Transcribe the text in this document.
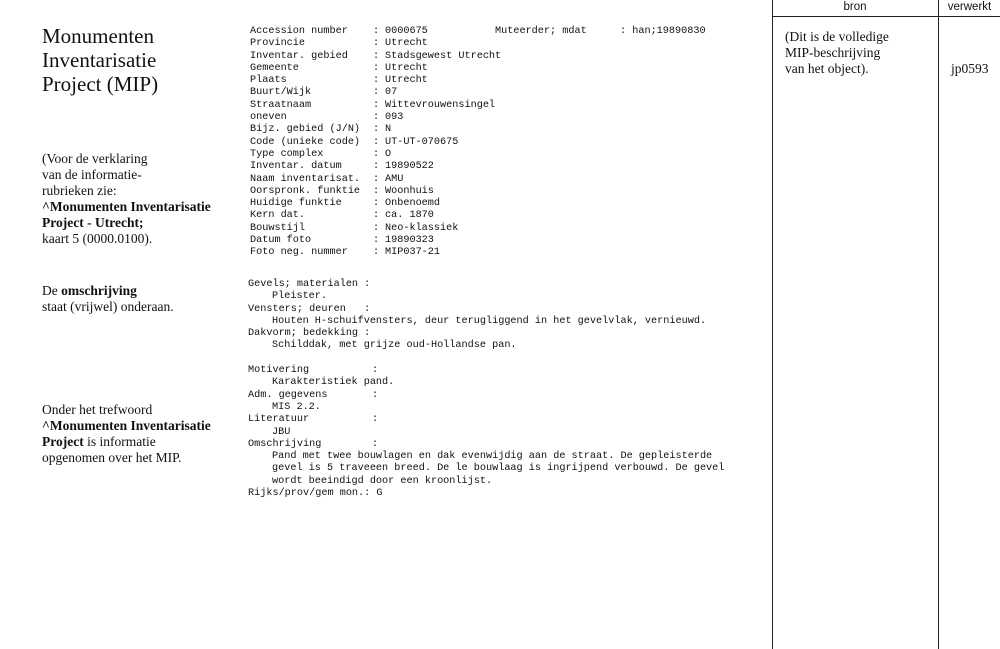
Monumenten
Inventarisatie
Project (MIP)
(Voor de verklaring
van de informatie-
rubrieken zie:
^Monumenten Inventarisatie
Project - Utrecht;
kaart 5 (0000.0100).
De omschrijving
staat (vrijwel) onderaan.
Onder het trefwoord
^Monumenten Inventarisatie
Project is informatie
opgenomen over het MIP.
Muteerder; mdat	: han;19890830
Accession number	: 0000675
Provincie	: Utrecht
Inventar. gebied	: Stadsgewest Utrecht
Gemeente	: Utrecht
Plaats	: Utrecht
Buurt/Wijk	: 07
Straatnaam	: Wittevrouwensingel
oneven	: 093
Bijz. gebied (J/N)	: N
Code (unieke code)	: UT-UT-070675
Type complex	: O
Inventar. datum	: 19890522
Naam inventarisat.	: AMU
Oorspronk. funktie	: Woonhuis
Huidige funktie	: Onbenoemd
Kern dat.	: ca. 1870
Bouwstijl	: Neo-klassiek
Datum foto	: 19890323
Foto neg. nummer	: MIP037-21
Gevels; materialen :
Pleister.
Vensters; deuren   :
Houten H-schuifvensters, deur terugliggend in het gevelvlak, vernieuwd.
Dakvorm; bedekking :
Schilddak, met grijze oud-Hollandse pan.
Motivering	:
Karakteristiek pand.
Adm. gegevens	:
MIS 2.2.
Literatuur	:
JBU
Omschrijving	:
Pand met twee bouwlagen en dak evenwijdig aan de straat. De gepleisterde
gevel is 5 traveeen breed. De le bouwlaag is ingrijpend verbouwd. De gevel
wordt beeindigd door een kroonlijst.
Rijks/prov/gem mon.:
G
bron	verwerkt
(Dit is de volledige
MIP-beschrijving
van het object).	jp0593
